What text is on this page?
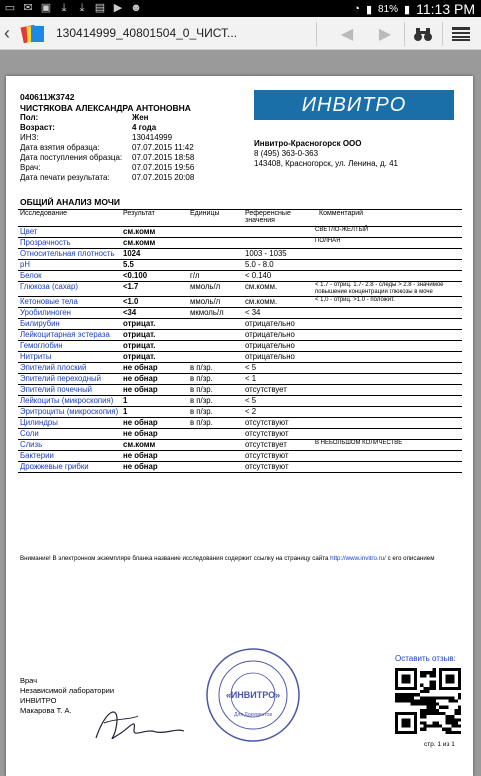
▭ ✉ ▣ ⤓	⤓ ▤ ▶ ☻	◔ ▮ 81% ▮ 11:13 PM
‹	130414999_40801504_0_ЧИСТ...	◀	▶
040611Ж3742
ЧИСТЯКОВА АЛЕКСАНДРА АНТОНОВНА
Пол:	Жен
Возраст:	4 года
ИНЗ:	130414999
Дата взятия образца:	07.07.2015 11:42
Дата поступления образца:	07.07.2015 18:58
Врач:	07.07.2015 19:56
Дата печати результата:	07.07.2015 20:08
ИНВИТРО
Инвитро-Красногорск ООО
8 (495) 363-0-363
143408, Красногорск, ул. Ленина, д. 41
ОБЩИЙ АНАЛИЗ МОЧИ
Исследование	Результат	Единицы	Референсные значения	Комментарий
Цвет	см.комм			СВЕТЛО-ЖЕЛТЫЙ
Прозрачность	см.комм			ПОЛНАЯ
Относительная плотность	1024		1003 - 1035	
pH	5.5		5.0 - 8.0	
Белок	<0.100	г/л	< 0.140	
Глюкоза (сахар)	<1.7	ммоль/л	см.комм.	< 1.7 - отриц. 1.7- 2.8 - следы > 2.8 - значимое повышение концентрации глюкозы в моче
Кетоновые тела	<1.0	ммоль/л	см.комм.	< 1,0 - отриц. >1.0 - положит.
Уробилиноген	<34	мкмоль/л	< 34	
Билирубин	отрицат.		отрицательно	
Лейкоцитарная эстераза	отрицат.		отрицательно	
Гемоглобин	отрицат.		отрицательно	
Нитриты	отрицат.		отрицательно	
Эпителий плоский	не обнар	в п/зр.	< 5	
Эпителий переходный	не обнар	в п/зр.	< 1	
Эпителий почечный	не обнар	в п/зр.	отсутствует	
Лейкоциты (микроскопия)	1	в п/зр.	< 5	
Эритроциты (микроскопия)	1	в п/зр.	< 2	
Цилиндры	не обнар	в п/зр.	отсутствуют	
Соли	не обнар		отсутствуют	
Слизь	см.комм		отсутствует	В НЕБОЛЬШОМ КОЛИЧЕСТВЕ
Бактерии	не обнар		отсутствуют	
Дрожжевые грибки	не обнар		отсутствуют	
Внимание! В электронном экземпляре бланка название исследования содержит ссылку на страницу сайта http://www.invitro.ru/ с его описанием
Врач
Независимой лаборатории
ИНВИТРО
Макарова Т. А.
«ИНВИТРО»
Для Документов
Оставить отзыв:
стр. 1 из 1
